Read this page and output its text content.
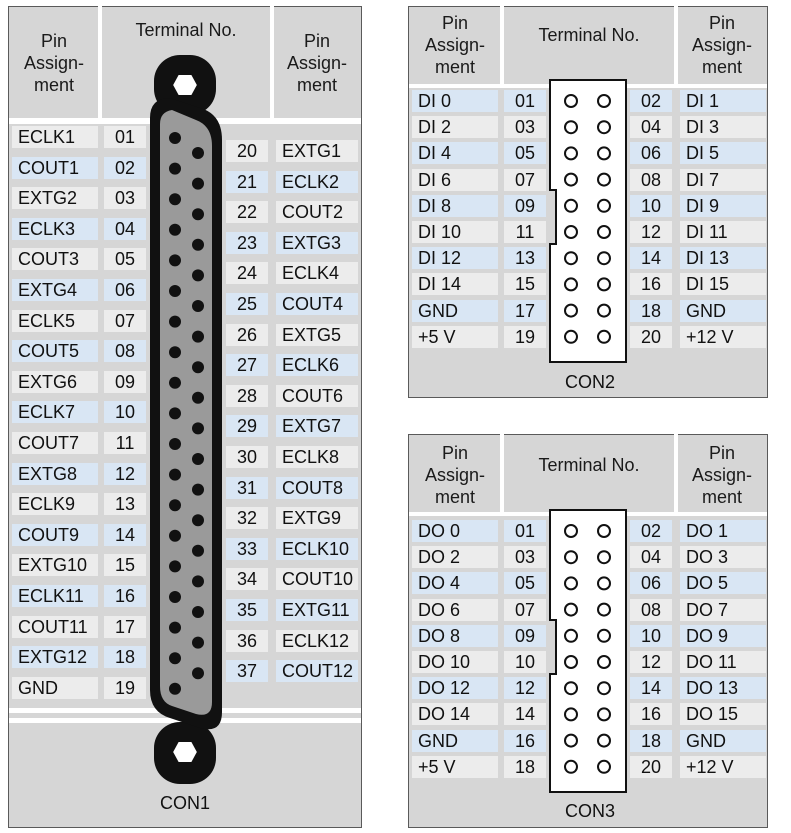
Pin
Assign-
ment
Terminal No.
Pin
Assign-
ment
ECLK1	01
COUT1	02
EXTG2	03
ECLK3	04
COUT3	05
EXTG4	06
ECLK5	07
COUT5	08
EXTG6	09
ECLK7	10
COUT7	11
EXTG8	12
ECLK9	13
COUT9	14
EXTG10	15
ECLK11	16
COUT11	17
EXTG12	18
GND	19
20	EXTG1
21	ECLK2
22	COUT2
23	EXTG3
24	ECLK4
25	COUT4
26	EXTG5
27	ECLK6
28	COUT6
29	EXTG7
30	ECLK8
31	COUT8
32	EXTG9
33	ECLK10
34	COUT10
35	EXTG11
36	ECLK12
37	COUT12
CON1
Pin
Assign-
ment
Terminal No.
Pin
Assign-
ment
DI 0	01	02	DI 1
DI 2	03	04	DI 3
DI 4	05	06	DI 5
DI 6	07	08	DI 7
DI 8	09	10	DI 9
DI 10	11	12	DI 11
DI 12	13	14	DI 13
DI 14	15	16	DI 15
GND	17	18	GND
+5 V	19	20	+12 V
CON2
Pin
Assign-
ment
Terminal No.
Pin
Assign-
ment
DO 0	01	02	DO 1
DO 2	03	04	DO 3
DO 4	05	06	DO 5
DO 6	07	08	DO 7
DO 8	09	10	DO 9
DO 10	10	12	DO 11
DO 12	12	14	DO 13
DO 14	14	16	DO 15
GND	16	18	GND
+5 V	18	20	+12 V
CON3
